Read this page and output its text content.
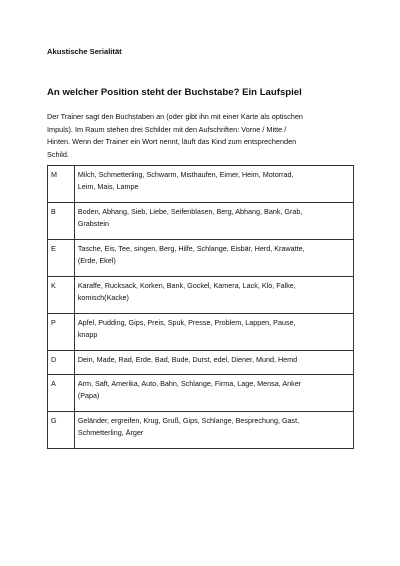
Akustische Serialität
An welcher Position steht der Buchstabe? Ein Laufspiel
Der Trainer sagt den Buchstaben an (oder gibt ihn mit einer Karte als optischen
Impuls). Im Raum stehen drei Schilder mit den Aufschriften: Vorne / Mitte /
Hinten. Wenn der Trainer ein Wort nennt, läuft das Kind zum entsprechenden
Schild.
M	Milch, Schmetterling, Schwarm, Misthaufen, Eimer, Heim, Motorrad,
Leim, Mais, Lampe

B	Boden, Abhang, Sieb, Liebe, Seifenblasen, Berg, Abhang, Bank, Grab,
Grabstein

E	Tasche, Eis, Tee, singen, Berg, Hilfe, Schlange, Eisbär, Herd, Krawatte,
(Erde, Ekel)

K	Karaffe, Rucksack, Korken, Bank, Gockel, Kamera, Lack, Klo, Falke,
komisch(Kacke)

P	Apfel, Pudding, Gips, Preis, Spuk, Presse, Problem, Lappen, Pause,
knapp

D	Dein, Made, Rad, Erde, Bad, Bude, Durst, edel, Diener, Mund, Hemd

A	Arm, Saft, Amerika, Auto, Bahn, Schlange, Firma, Lage, Mensa, Anker
(Papa)

G	Geländer, ergreifen, Krug, Gruß, Gips, Schlange, Besprechung, Gast,
Schmetterling, Ärger
